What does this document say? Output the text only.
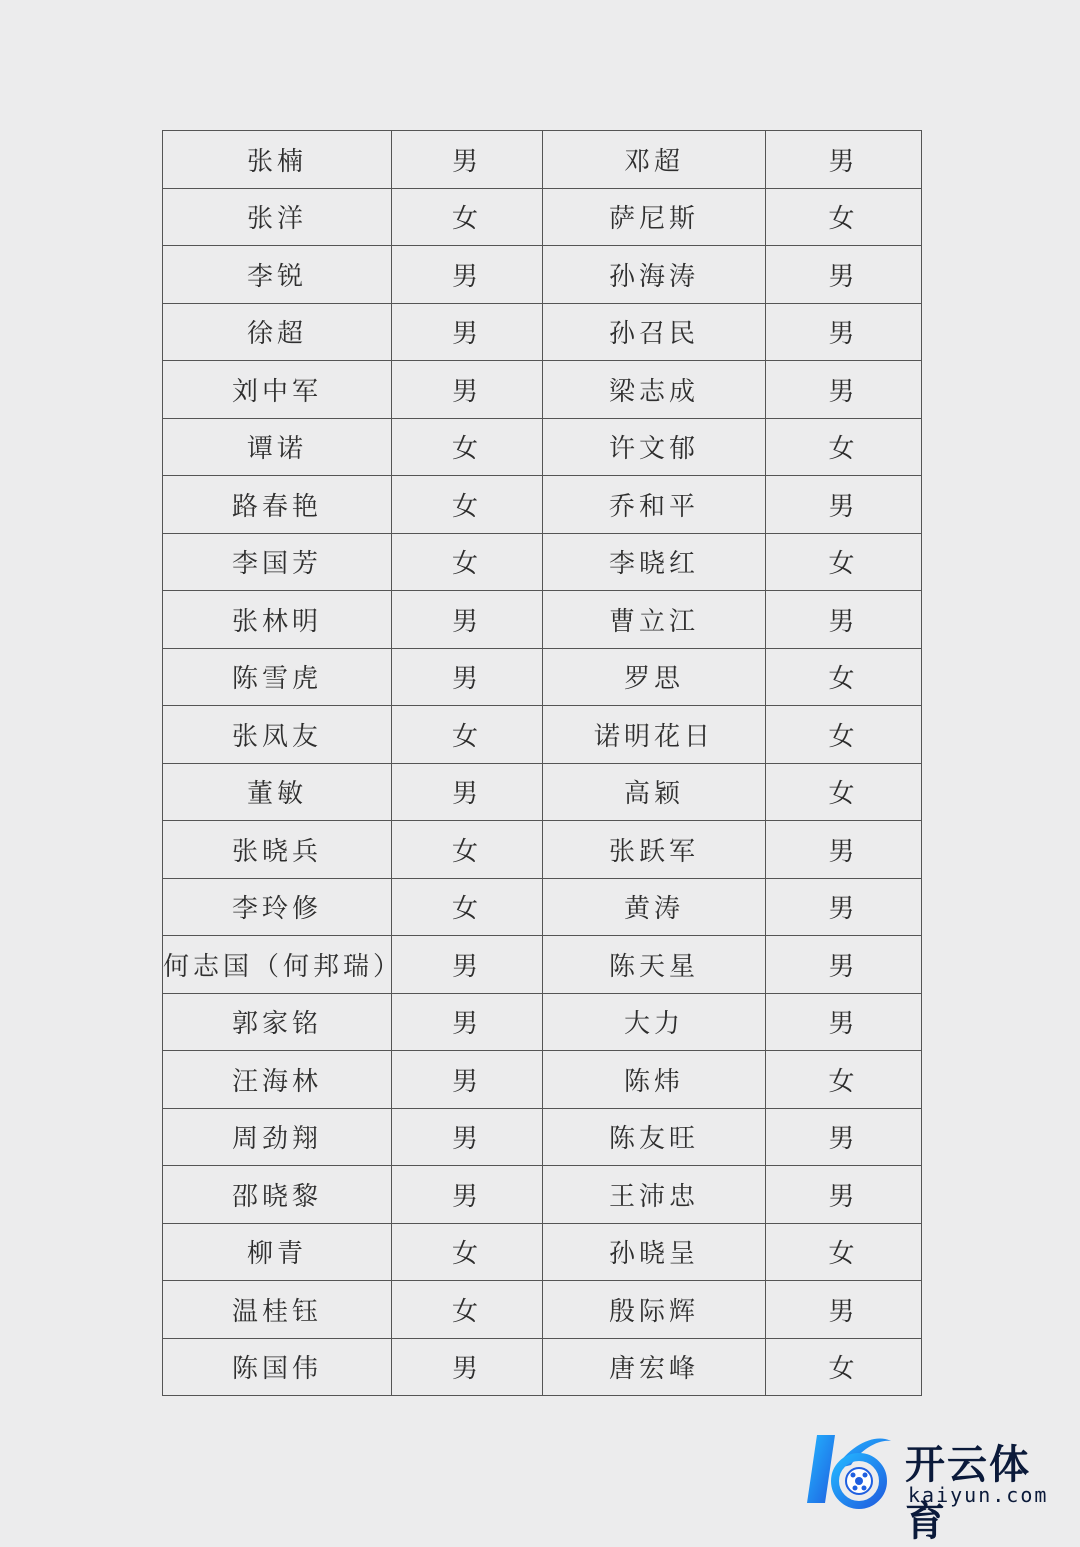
张楠	男	邓超	男
张洋	女	萨尼斯	女
李锐	男	孙海涛	男
徐超	男	孙召民	男
刘中军	男	梁志成	男
谭诺	女	许文郁	女
路春艳	女	乔和平	男
李国芳	女	李晓红	女
张林明	男	曹立江	男
陈雪虎	男	罗思	女
张凤友	女	诺明花日	女
董敏	男	高颖	女
张晓兵	女	张跃军	男
李玲修	女	黄涛	男
何志国（何邦瑞）	男	陈天星	男
郭家铭	男	大力	男
汪海林	男	陈炜	女
周劲翔	男	陈友旺	男
邵晓黎	男	王沛忠	男
柳青	女	孙晓呈	女
温桂钰	女	殷际辉	男
陈国伟	男	唐宏峰	女
开云体育
kaiyun.com
